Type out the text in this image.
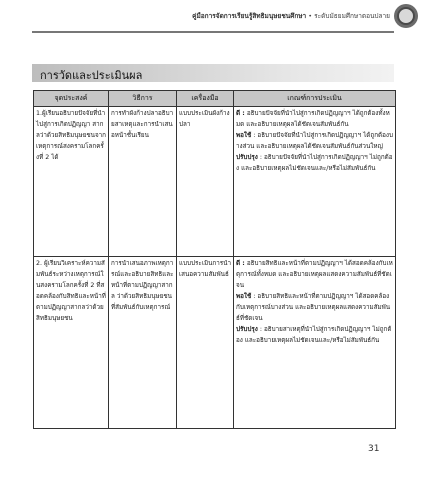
คู่มือการจัดการเรียนรู้สิทธิมนุษยชนศึกษา • ระดับมัธยมศึกษาตอนปลาย
การวัดและประเมินผล
จุดประสงค์	วิธีการ	เครื่องมือ	เกณฑ์การประเมิน
1.ผู้เรียนอธิบายปัจจัยที่นำไปสู่การเกิดปฏิญญา สากลว่าด้วยสิทธิมนุษยชนจากเหตุการณ์สงครามโลกครั้งที่ 2 ได้	การทำผังก้างปลาอธิบายสาเหตุและการนำเสนอหน้าชั้นเรียน	แบบประเมินผังก้างปลา	ดี : อธิบายปัจจัยที่นำไปสู่การเกิดปฏิญญาฯ ได้ถูกต้องทั้งหมด และอธิบายเหตุผลได้ชัดเจนสัมพันธ์กัน
พอใช้ : อธิบายปัจจัยที่นำไปสู่การเกิดปฏิญญาฯ ได้ถูกต้องบางส่วน และอธิบายเหตุผลได้ชัดเจนสัมพันธ์กันส่วนใหญ่
ปรับปรุง : อธิบายปัจจัยที่นำไปสู่การเกิดปฏิญญาฯ ไม่ถูกต้อง และอธิบายเหตุผลไม่ชัดเจนและ/หรือไม่สัมพันธ์กัน

2. ผู้เรียนวิเคราะห์ความสัมพันธ์ระหว่างเหตุการณ์ในสงครามโลกครั้งที่ 2 ที่สอดคล้องกับสิทธิและหน้าที่ตามปฏิญญาสากลว่าด้วยสิทธิมนุษยชน	การนำเสนอภาพเหตุการณ์และอธิบายสิทธิและหน้าที่ตามปฏิญญาสากล ว่าด้วยสิทธิมนุษยชนที่สัมพันธ์กับเหตุการณ์	แบบประเมินการนำเสนอความสัมพันธ์	ดี : อธิบายสิทธิและหน้าที่ตามปฏิญญาฯ ได้สอดคล้องกับเหตุการณ์ทั้งหมด และอธิบายเหตุผลแสดงความสัมพันธ์ที่ชัดเจน
พอใช้ : อธิบายสิทธิและหน้าที่ตามปฏิญญาฯ ได้สอดคล้องกับเหตุการณ์บางส่วน และอธิบายเหตุผลแสดงความสัมพันธ์ที่ชัดเจน
ปรับปรุง : อธิบายสาเหตุที่นำไปสู่การเกิดปฏิญญาฯ ไม่ถูกต้อง และอธิบายเหตุผลไม่ชัดเจนและ/หรือไม่สัมพันธ์กัน
31
